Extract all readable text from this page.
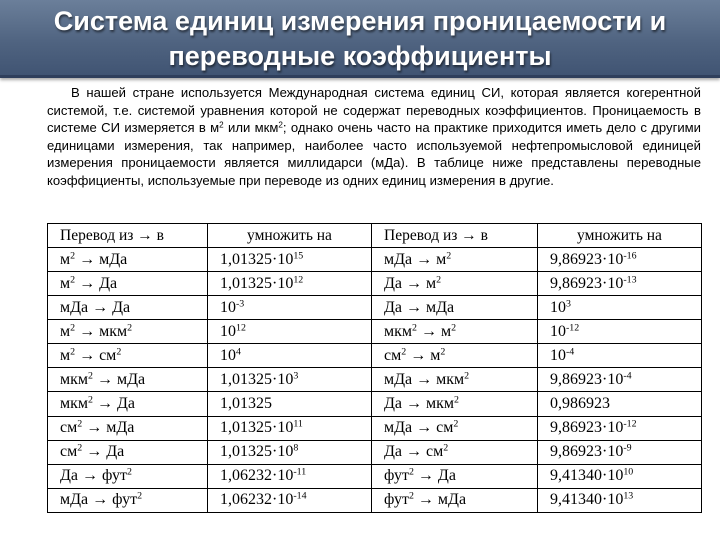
Система единиц измерения проницаемости и
переводные коэффициенты

В нашей стране используется Международная система единиц СИ, которая является когерентной системой, т.е. системой уравнения которой не содержат переводных коэффициентов. Проницаемость в системе СИ измеряется в $м^2$ или мкм$^2$; однако очень часто на практике приходится иметь дело с другими единицами измерения, так например, наиболее часто используемой нефтепромысловой единицей измерения проницаемости является миллидарси (мДа). В таблице ниже представлены переводные коэффициенты, используемые при переводе из одних единиц измерения в другие.

Перевод из → в	умножить на	Перевод из → в	умножить на
$м^2$ → мДа	$1,01325\cdot 10^{15}$	мДа → $м^2$	$9,86923\cdot 10^{-16}$
$м^2$ → Да	$1,01325\cdot 10^{12}$	Да → $м^2$	$9,86923\cdot 10^{-13}$
мДа → Да	$10^{-3}$	Да → мДа	$10^3$
$м^2 \to мкм^2$	$10^{12}$	$мкм^2 \to м^2$	$10^{-12}$
$м^2 \to см^2$	$10^4$	$см^2 \to м^2$	$10^{-4}$
мкм$^2$ → мДа	$1,01325\cdot 10^3$	мДа → мкм$^2$	$9,86923\cdot 10^{-4}$
мкм$^2$ → Да	1,01325	Да → мкм$^2$	0,986923
$см^2$ → мДа	$1,01325\cdot 10^{11}$	мДа → $см^2$	$9,86923\cdot 10^{-12}$
$см^2$ → Да	$1,01325\cdot 10^8$	Да → $см^2$	$9,86923\cdot 10^{-9}$
Да → фут$^2$	$1,06232\cdot 10^{-11}$	фут$^2$ → Да	$9,41340\cdot 10^{10}$
мДа → фут$^2$	$1,06232\cdot 10^{-14}$	фут$^2$ → мДа	$9,41340\cdot 10^{13}$
